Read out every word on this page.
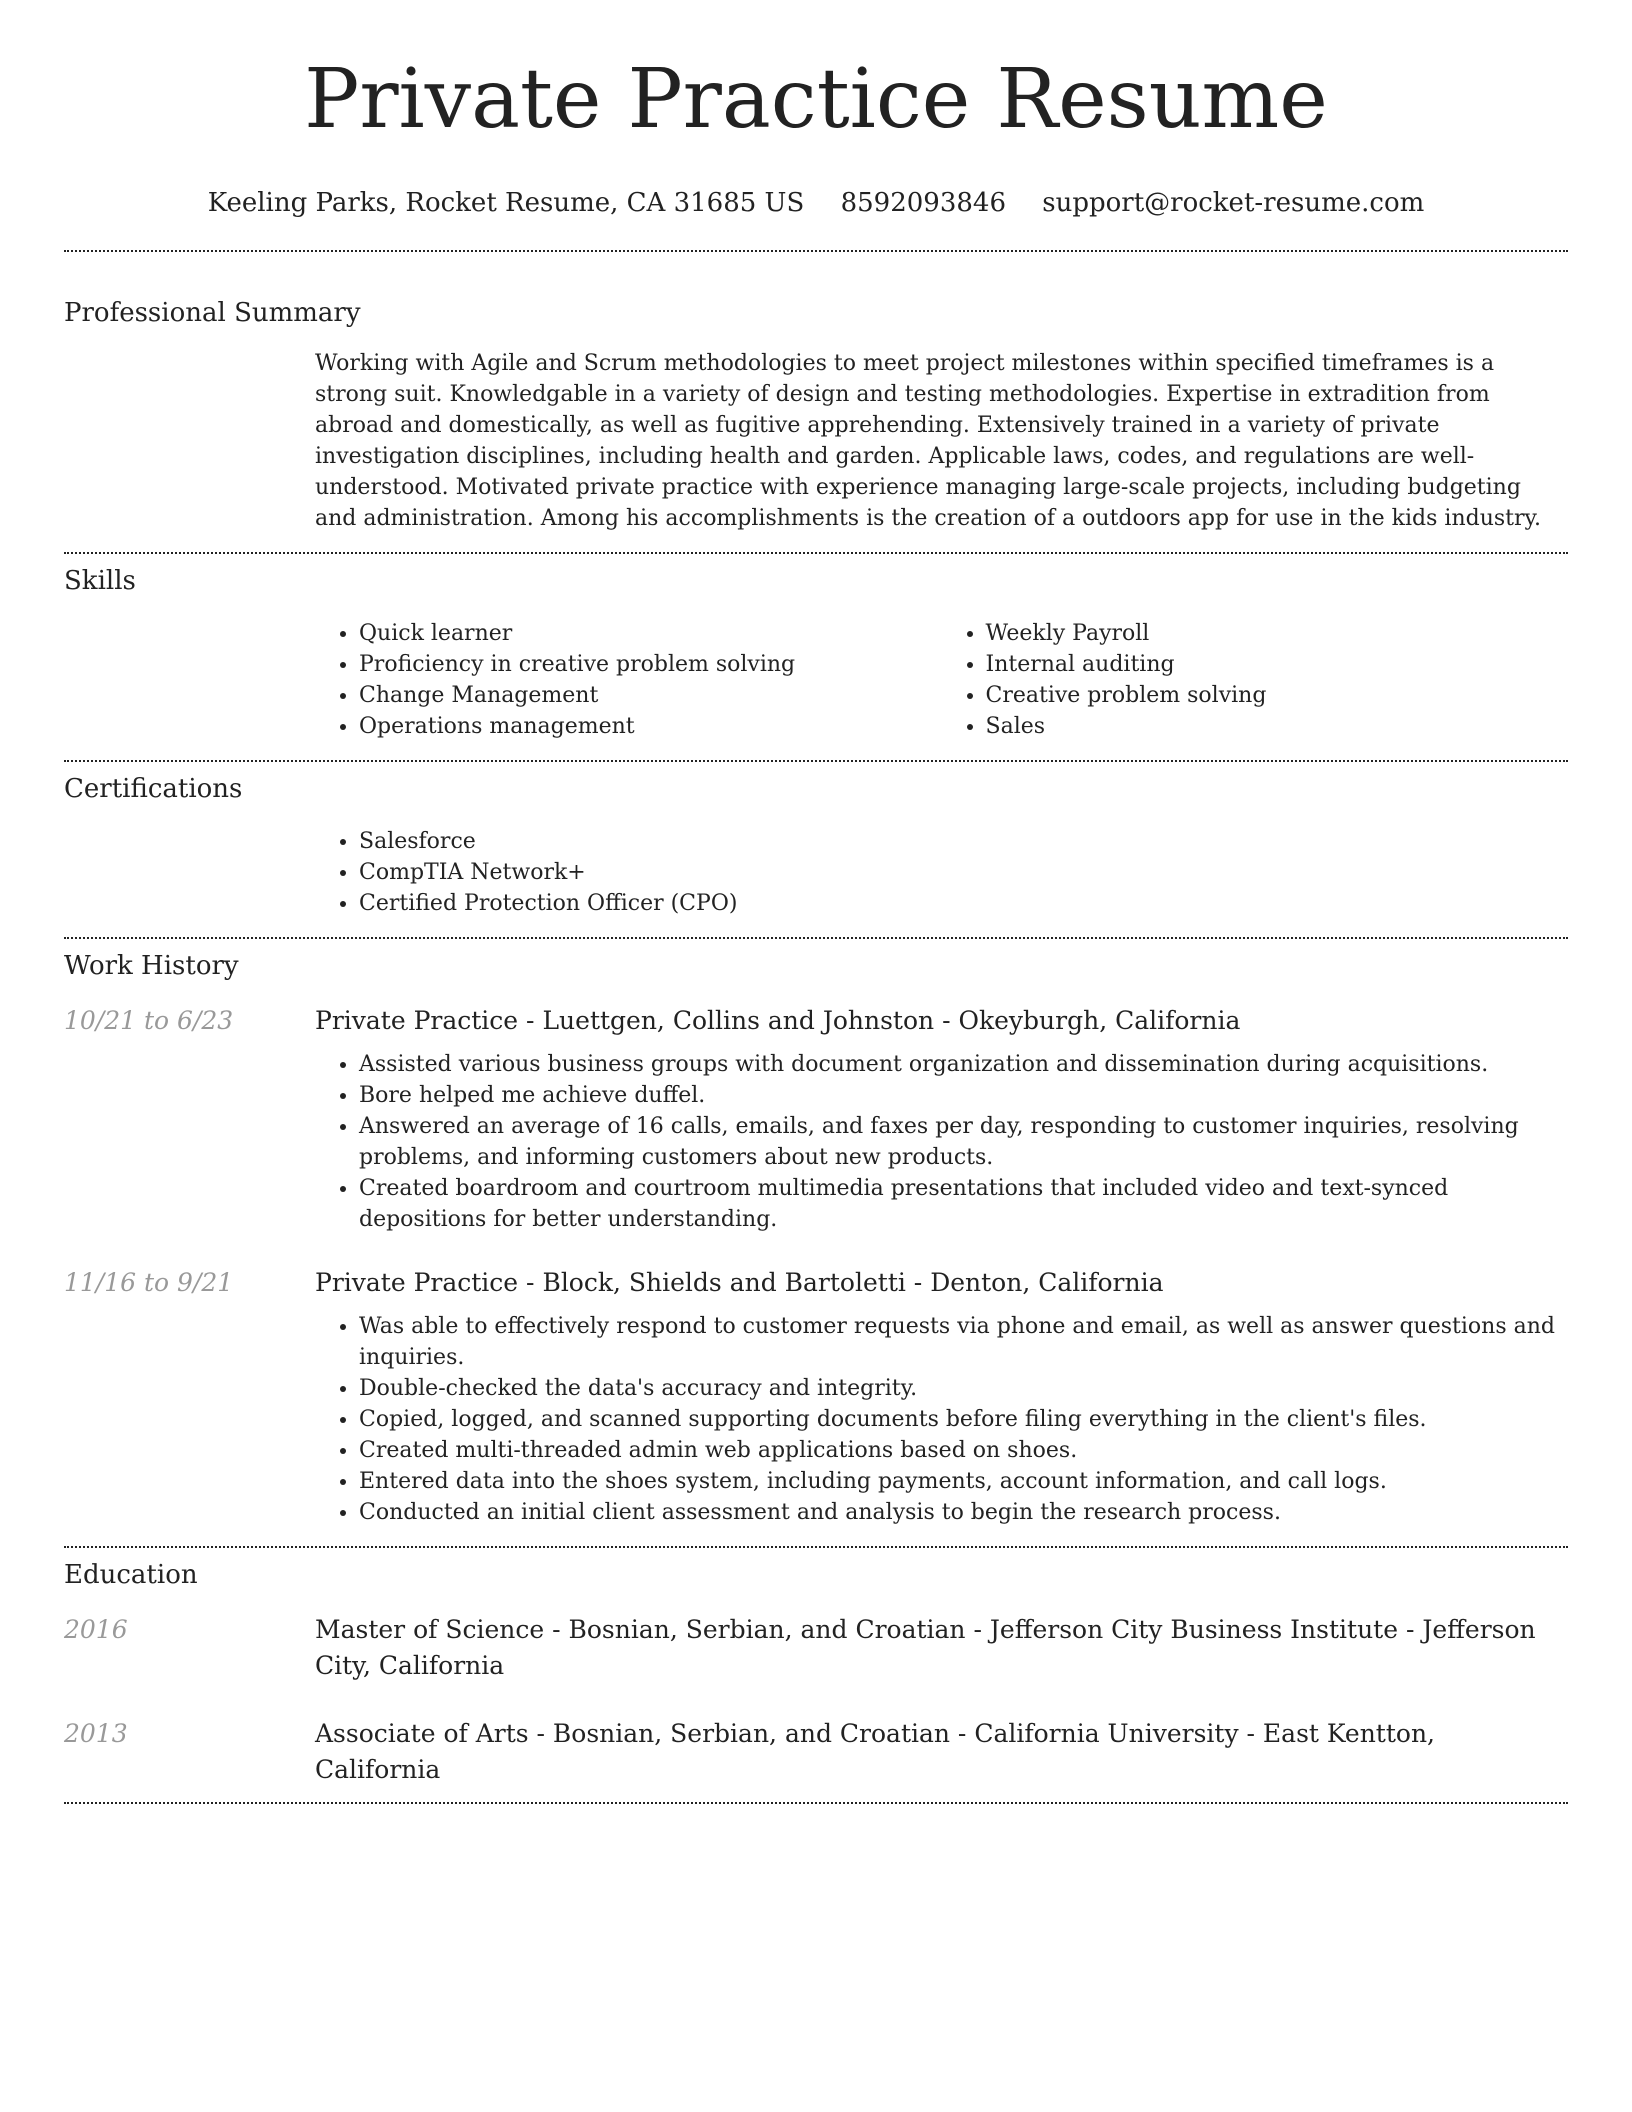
Private Practice Resume
Keeling Parks, Rocket Resume, CA 31685 US 8592093846 support@rocket-resume.com
Professional Summary
Working with Agile and Scrum methodologies to meet project milestones within specified timeframes is a strong suit. Knowledgable in a variety of design and testing methodologies. Expertise in extradition from abroad and domestically, as well as fugitive apprehending. Extensively trained in a variety of private investigation disciplines, including health and garden. Applicable laws, codes, and regulations are well-understood. Motivated private practice with experience managing large-scale projects, including budgeting and administration. Among his accomplishments is the creation of a outdoors app for use in the kids industry.
Skills
• Quick learner
• Proficiency in creative problem solving
• Change Management
• Operations management
• Weekly Payroll
• Internal auditing
• Creative problem solving
• Sales
Certifications
• Salesforce
• CompTIA Network+
• Certified Protection Officer (CPO)
Work History
10/21 to 6/23	Private Practice - Luettgen, Collins and Johnston - Okeyburgh, California
• Assisted various business groups with document organization and dissemination during acquisitions.
• Bore helped me achieve duffel.
• Answered an average of 16 calls, emails, and faxes per day, responding to customer inquiries, resolving problems, and informing customers about new products.
• Created boardroom and courtroom multimedia presentations that included video and text-synced depositions for better understanding.
11/16 to 9/21	Private Practice - Block, Shields and Bartoletti - Denton, California
• Was able to effectively respond to customer requests via phone and email, as well as answer questions and inquiries.
• Double-checked the data's accuracy and integrity.
• Copied, logged, and scanned supporting documents before filing everything in the client's files.
• Created multi-threaded admin web applications based on shoes.
• Entered data into the shoes system, including payments, account information, and call logs.
• Conducted an initial client assessment and analysis to begin the research process.
Education
2016	Master of Science - Bosnian, Serbian, and Croatian - Jefferson City Business Institute - Jefferson City, California
2013	Associate of Arts - Bosnian, Serbian, and Croatian - California University - East Kentton, California
